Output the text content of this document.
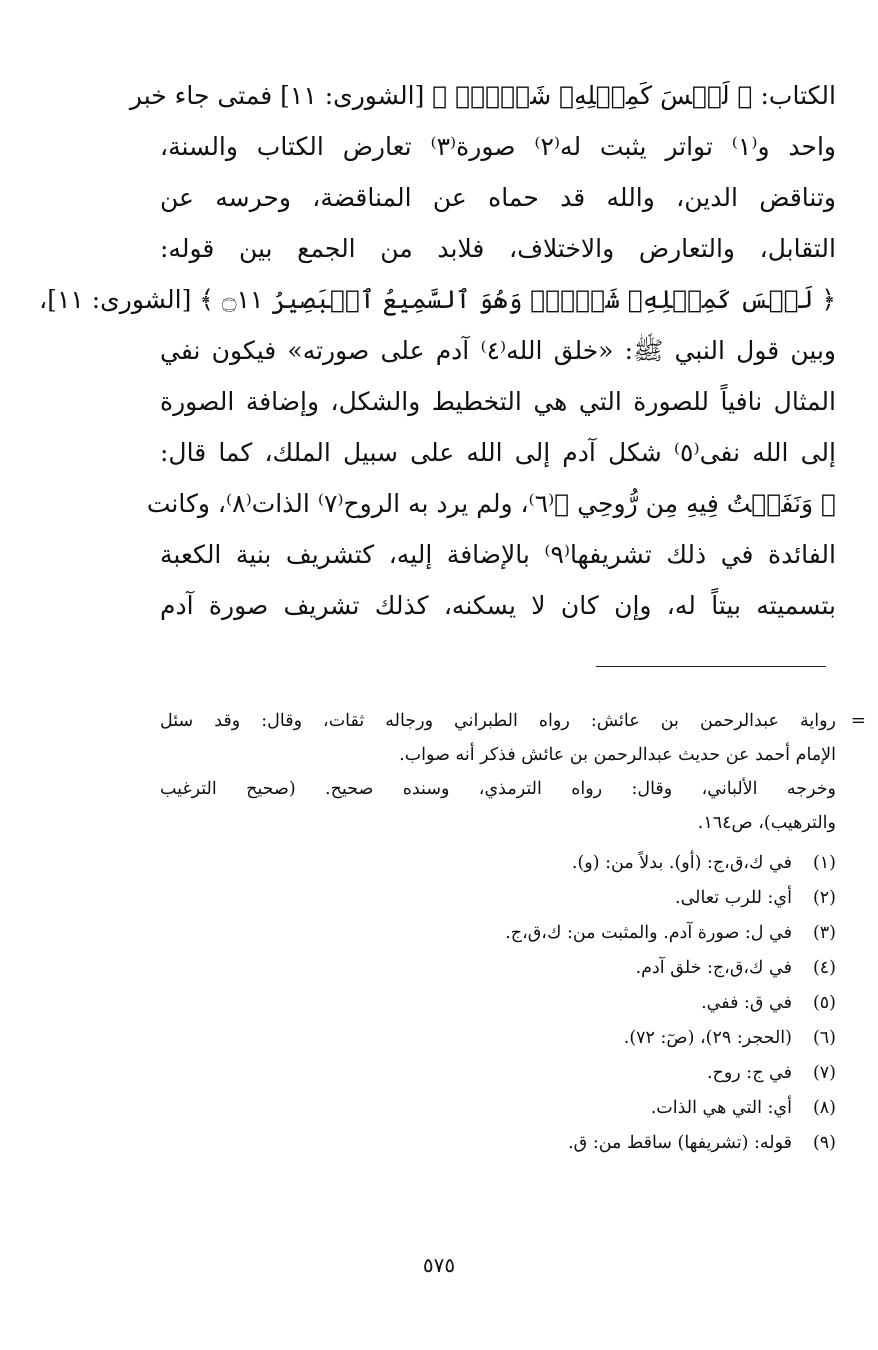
الكتاب: ﴿ لَيۡسَ كَمِثۡلِهِۦ شَيۡءٞۖ ﴾ [الشورى: ١١] فمتى جاء خبر
واحد و⁽١⁾ تواتر يثبت له⁽٢⁾ صورة⁽٣⁾ تعارض الكتاب والسنة،
وتناقض الدين، والله قد حماه عن المناقضة، وحرسه عن
التقابل، والتعارض والاختلاف، فلابد من الجمع بين قوله:
﴿ لَيۡسَ كَمِثۡلِهِۦ شَيۡءٞۖ وَهُوَ ٱلسَّمِيعُ ٱلۡبَصِيرُ ۝١١ ﴾ [الشورى: ١١]،
وبين قول النبي ﷺ: «خلق الله⁽٤⁾ آدم على صورته» فيكون نفي
المثال نافياً للصورة التي هي التخطيط والشكل، وإضافة الصورة
إلى الله نفى⁽٥⁾ شكل آدم إلى الله على سبيل الملك، كما قال:
﴿ وَنَفَخۡتُ فِيهِ مِن رُّوحِي ﴾⁽٦⁾، ولم يرد به الروح⁽٧⁾ الذات⁽٨⁾، وكانت
الفائدة في ذلك تشريفها⁽٩⁾ بالإضافة إليه، كتشريف بنية الكعبة
بتسميته بيتاً له، وإن كان لا يسكنه، كذلك تشريف صورة آدم
=
رواية عبدالرحمن بن عائش: رواه الطبراني ورجاله ثقات، وقال: وقد سئل
الإمام أحمد عن حديث عبدالرحمن بن عائش فذكر أنه صواب.
وخرجه الألباني، وقال: رواه الترمذي، وسنده صحيح. (صحيح الترغيب
والترهيب)، ص١٦٤.
(١)في ك،ق،ج: (أو). بدلاً من: (و).
(٢)أي: للرب تعالى.
(٣)في ل: صورة آدم. والمثبت من: ك،ق،ج.
(٤)في ك،ق،ج: خلق آدم.
(٥)في ق: ففي.
(٦)(الحجر: ٢٩)، (صٓ: ٧٢).
(٧)في ج: روح.
(٨)أي: التي هي الذات.
(٩)قوله: (تشريفها) ساقط من: ق.
٥٧٥
